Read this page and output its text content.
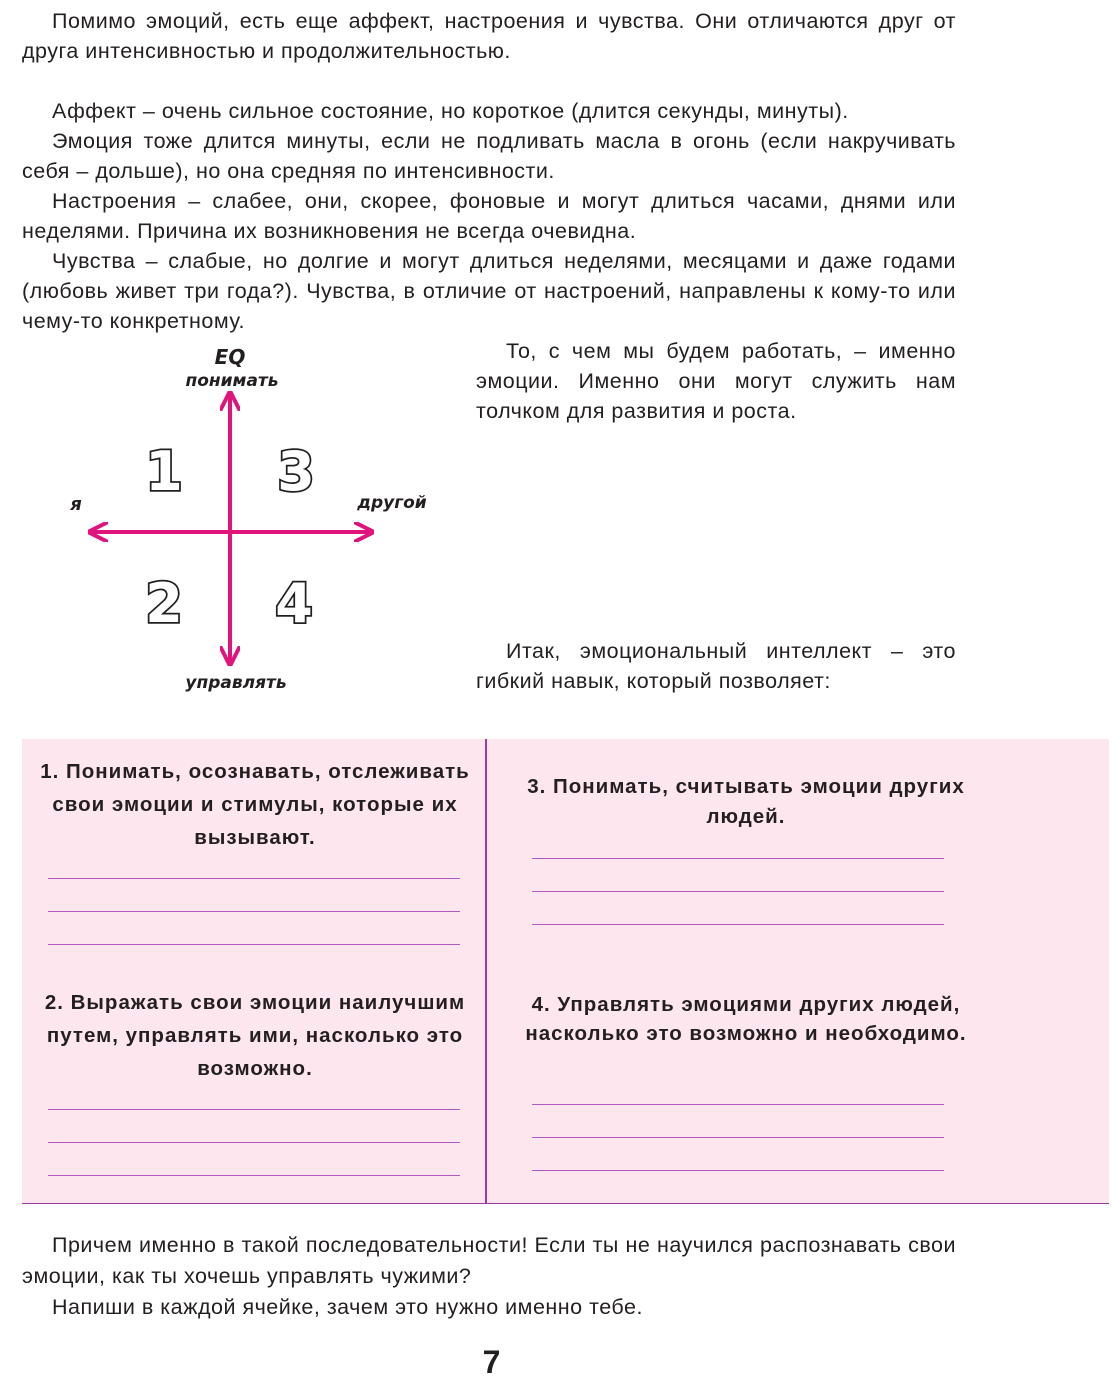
Помимо эмоций, есть еще аффект, настроения и чувства. Они отличаются друг от друга интенсивностью и продолжительностью.

Аффект – очень сильное состояние, но короткое (длится секунды, минуты).

Эмоция тоже длится минуты, если не подливать масла в огонь (если накручивать себя – дольше), но она средняя по интенсивности.

Настроения – слабее, они, скорее, фоновые и могут длиться часами, днями или неделями. Причина их возникновения не всегда очевидна.

Чувства – слабые, но долгие и могут длиться неделями, месяцами и даже годами (любовь живет три года?). Чувства, в отличие от настроений, направлены к кому-то или чему-то конкретному.

EQ
понимать
управлять
я	другой
1
2
3
4

То, с чем мы будем работать, – именно эмоции. Именно они могут служить нам толчком для развития и роста.

Итак, эмоциональный интеллект – это гибкий навык, который позволяет:

1. Понимать, осознавать, отслеживать свои эмоции и стимулы, которые их вызывают.

2. Выражать свои эмоции наилучшим путем, управлять ими, насколько это возможно.

3. Понимать, считывать эмоции других людей.

4. Управлять эмоциями других людей, насколько это возможно и необходимо.

Причем именно в такой последовательности! Если ты не научился распознавать свои эмоции, как ты хочешь управлять чужими?

Напиши в каждой ячейке, зачем это нужно именно тебе.

7
